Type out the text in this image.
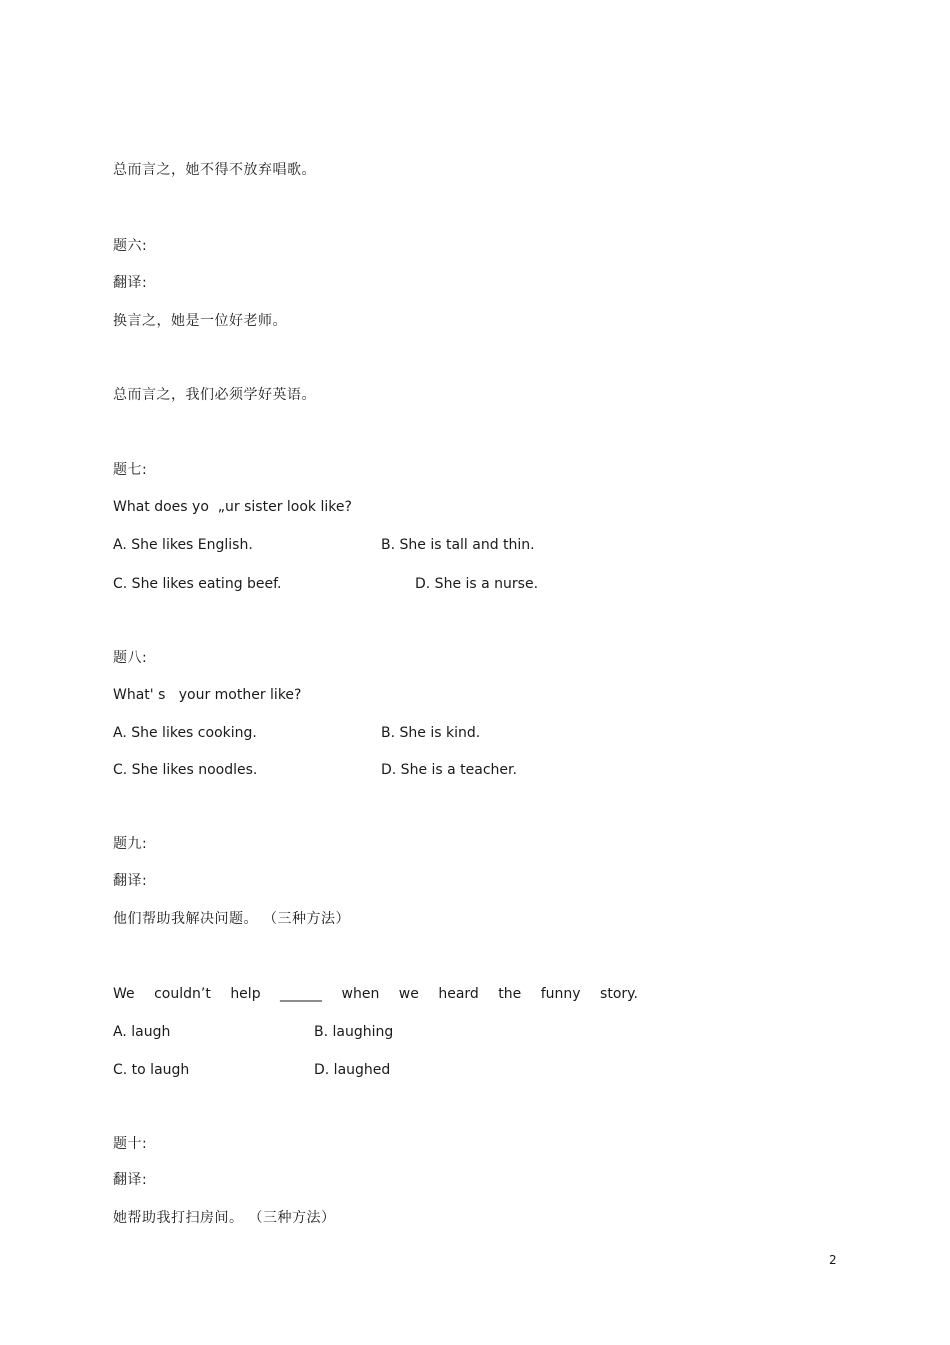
总而言之，她不得不放弃唱歌。
题六:
翻译:
换言之，她是一位好老师。
总而言之，我们必须学好英语。
题七:
What does yo  „ur sister look like?
A. She likes English.	B. She is tall and thin.
C. She likes eating beef.	D. She is a nurse.
题八:
What' s   your mother like?
A. She likes cooking.	B. She is kind.
C. She likes noodles.	D. She is a teacher.
题九:
翻译:
他们帮助我解决问题。 （三种方法）
We couldn’t help ______ when we heard the funny story.
A. laugh	B. laughing
C. to laugh	D. laughed
题十:
翻译:
她帮助我打扫房间。 （三种方法）
2
